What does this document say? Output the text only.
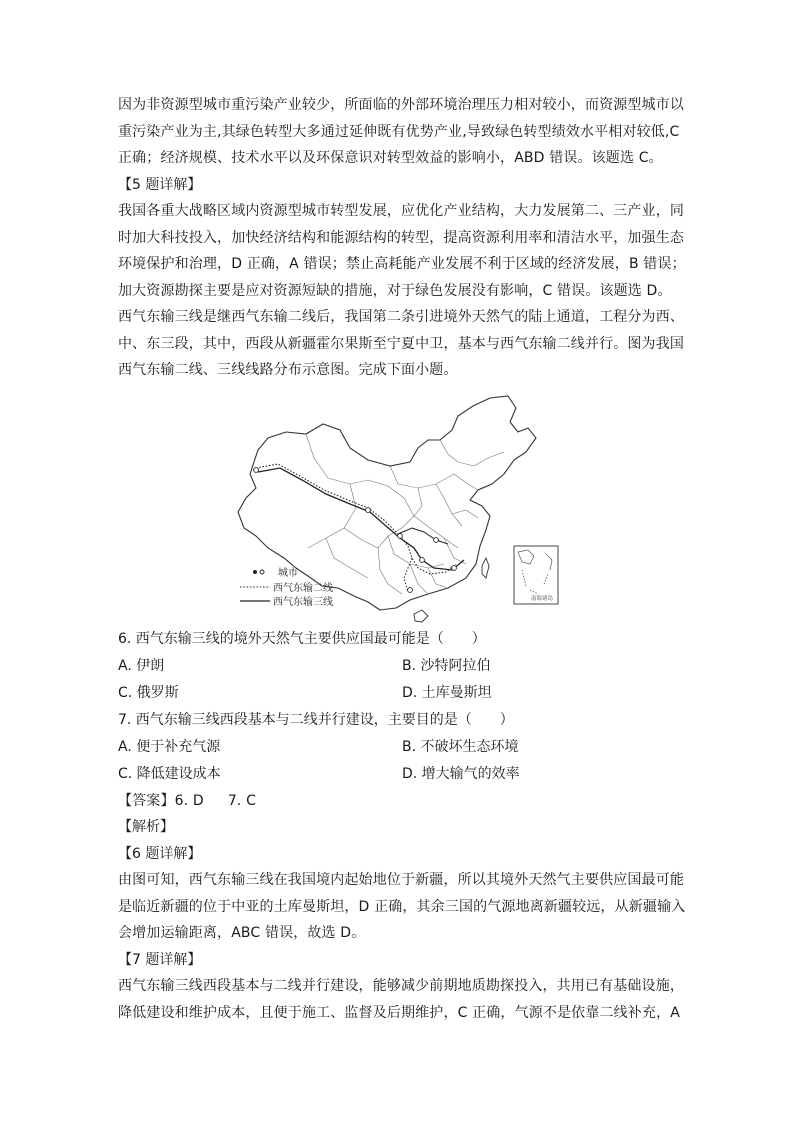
因为非资源型城市重污染产业较少，所面临的外部环境治理压力相对较小，而资源型城市以
重污染产业为主,其绿色转型大多通过延伸既有优势产业,导致绿色转型绩效水平相对较低,C
正确；经济规模、技术水平以及环保意识对转型效益的影响小，ABD 错误。该题选 C。
【5 题详解】
我国各重大战略区域内资源型城市转型发展，应优化产业结构，大力发展第二、三产业，同
时加大科技投入，加快经济结构和能源结构的转型，提高资源利用率和清洁水平，加强生态
环境保护和治理，D 正确，A 错误；禁止高耗能产业发展不利于区域的经济发展，B 错误；
加大资源勘探主要是应对资源短缺的措施，对于绿色发展没有影响，C 错误。该题选 D。
西气东输三线是继西气东输二线后，我国第二条引进境外天然气的陆上通道，工程分为西、
中、东三段，其中，西段从新疆霍尔果斯至宁夏中卫，基本与西气东输二线并行。图为我国
西气东输二线、三线线路分布示意图。完成下面小题。
城市
西气东输二线
西气东输三线	南海诸岛
6. 西气东输三线的境外天然气主要供应国最可能是（　　）
A. 伊朗	B. 沙特阿拉伯
C. 俄罗斯	D. 土库曼斯坦
7. 西气东输三线西段基本与二线并行建设，主要目的是（　　）
A. 便于补充气源	B. 不破坏生态环境
C. 降低建设成本	D. 增大输气的效率
【答案】6. D 7. C
【解析】
【6 题详解】
由图可知，西气东输三线在我国境内起始地位于新疆，所以其境外天然气主要供应国最可能
是临近新疆的位于中亚的土库曼斯坦，D 正确，其余三国的气源地离新疆较远，从新疆输入
会增加运输距离，ABC 错误，故选 D。
【7 题详解】
西气东输三线西段基本与二线并行建设，能够减少前期地质勘探投入，共用已有基础设施，
降低建设和维护成本，且便于施工、监督及后期维护，C 正确，气源不是依靠二线补充，A
